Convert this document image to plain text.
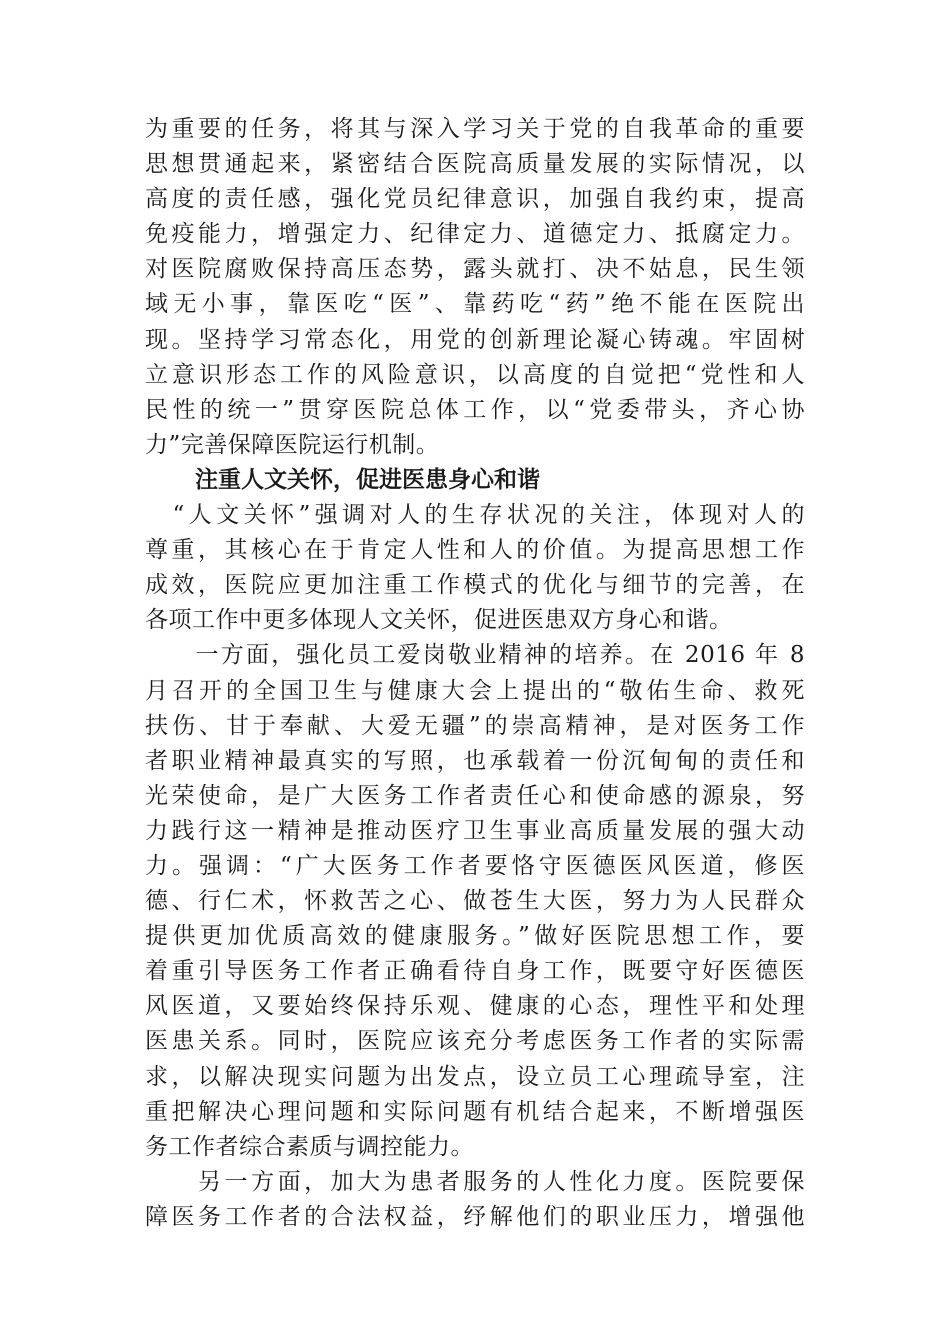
为重要的任务，将其与深入学习关于党的自我革命的重要
思想贯通起来，紧密结合医院高质量发展的实际情况，以
高度的责任感，强化党员纪律意识，加强自我约束，提高
免疫能力，增强定力、纪律定力、道德定力、抵腐定力。
对医院腐败保持高压态势，露头就打、决不姑息，民生领
域无小事，靠医吃“医”、靠药吃“药”绝不能在医院出
现。坚持学习常态化，用党的创新理论凝心铸魂。牢固树
立意识形态工作的风险意识，以高度的自觉把“党性和人
民性的统一”贯穿医院总体工作，以“党委带头，齐心协
力”完善保障医院运行机制。
注重人文关怀，促进医患身心和谐
　“人文关怀”强调对人的生存状况的关注，体现对人的
尊重，其核心在于肯定人性和人的价值。为提高思想工作
成效，医院应更加注重工作模式的优化与细节的完善，在
各项工作中更多体现人文关怀，促进医患双方身心和谐。
　　一方面，强化员工爱岗敬业精神的培养。在 2016 年 8
月召开的全国卫生与健康大会上提出的“敬佑生命、救死
扶伤、甘于奉献、大爱无疆”的崇高精神，是对医务工作
者职业精神最真实的写照，也承载着一份沉甸甸的责任和
光荣使命，是广大医务工作者责任心和使命感的源泉，努
力践行这一精神是推动医疗卫生事业高质量发展的强大动
力。强调：“广大医务工作者要恪守医德医风医道，修医
德、行仁术，怀救苦之心、做苍生大医，努力为人民群众
提供更加优质高效的健康服务。”做好医院思想工作，要
着重引导医务工作者正确看待自身工作，既要守好医德医
风医道，又要始终保持乐观、健康的心态，理性平和处理
医患关系。同时，医院应该充分考虑医务工作者的实际需
求，以解决现实问题为出发点，设立员工心理疏导室，注
重把解决心理问题和实际问题有机结合起来，不断增强医
务工作者综合素质与调控能力。
　　另一方面，加大为患者服务的人性化力度。医院要保
障医务工作者的合法权益，纾解他们的职业压力，增强他
